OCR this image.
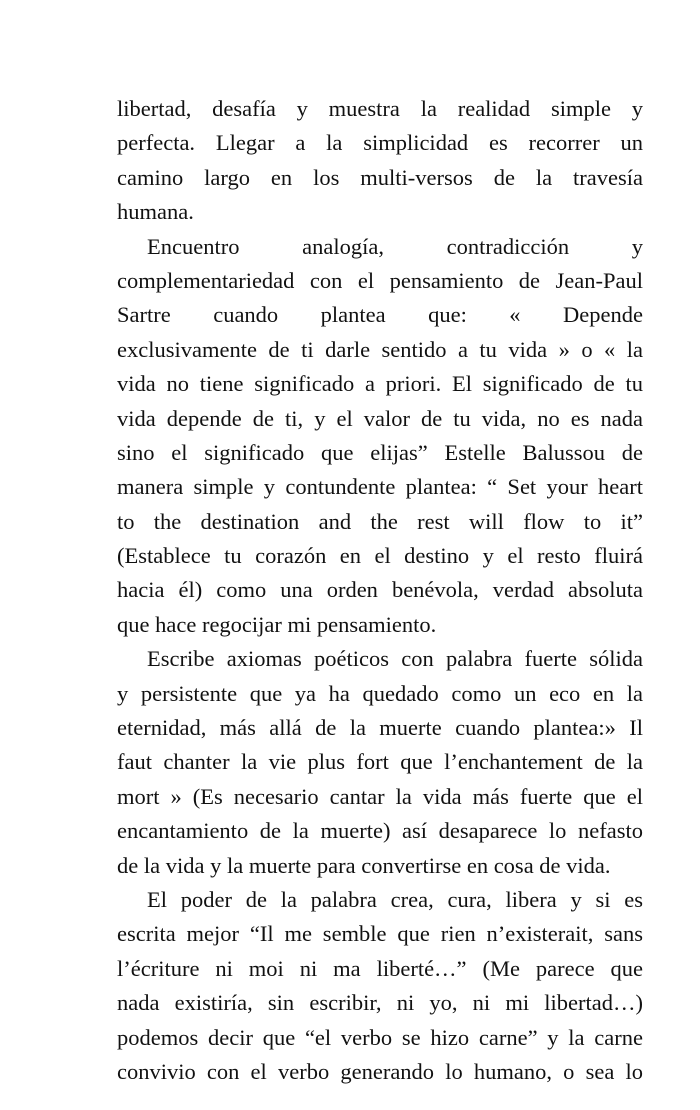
libertad, desafía y muestra la realidad simple y
perfecta. Llegar a la simplicidad es recorrer un
camino largo en los multi-versos de la travesía
humana.
Encuentro analogía, contradicción y
complementariedad con el pensamiento de Jean-Paul
Sartre cuando plantea que: « Depende
exclusivamente de ti darle sentido a tu vida » o « la
vida no tiene significado a priori. El significado de tu
vida depende de ti, y el valor de tu vida, no es nada
sino el significado que elijas” Estelle Balussou de
manera simple y contundente plantea: “ Set your heart
to the destination and the rest will flow to it”
(Establece tu corazón en el destino y el resto fluirá
hacia él) como una orden benévola, verdad absoluta
que hace regocijar mi pensamiento.
Escribe axiomas poéticos con palabra fuerte sólida
y persistente que ya ha quedado como un eco en la
eternidad, más allá de la muerte cuando plantea:» Il
faut chanter la vie plus fort que l’enchantement de la
mort » (Es necesario cantar la vida más fuerte que el
encantamiento de la muerte) así desaparece lo nefasto
de la vida y la muerte para convertirse en cosa de vida.
El poder de la palabra crea, cura, libera y si es
escrita mejor “Il me semble que rien n’existerait, sans
l’écriture ni moi ni ma liberté…” (Me parece que
nada existiría, sin escribir, ni yo, ni mi libertad…)
podemos decir que “el verbo se hizo carne” y la carne
convivio con el verbo generando lo humano, o sea lo
